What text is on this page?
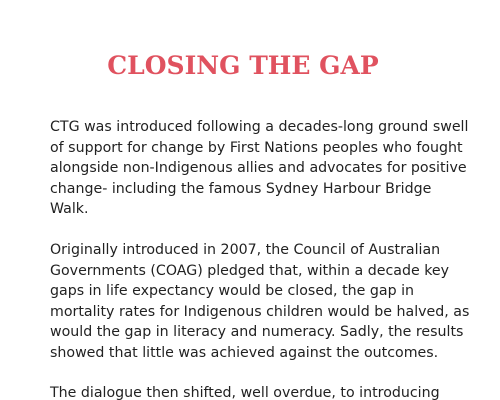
CLOSING THE GAP

CTG was introduced following a decades-long ground swell of support for change by First Nations peoples who fought alongside non-Indigenous allies and advocates for positive change- including the famous Sydney Harbour Bridge Walk.

Originally introduced in 2007, the Council of Australian Governments (COAG) pledged that, within a decade key gaps in life expectancy would be closed, the gap in mortality rates for Indigenous children would be halved, as would the gap in literacy and numeracy. Sadly, the results showed that little was achieved against the outcomes.

The dialogue then shifted, well overdue, to introducing
